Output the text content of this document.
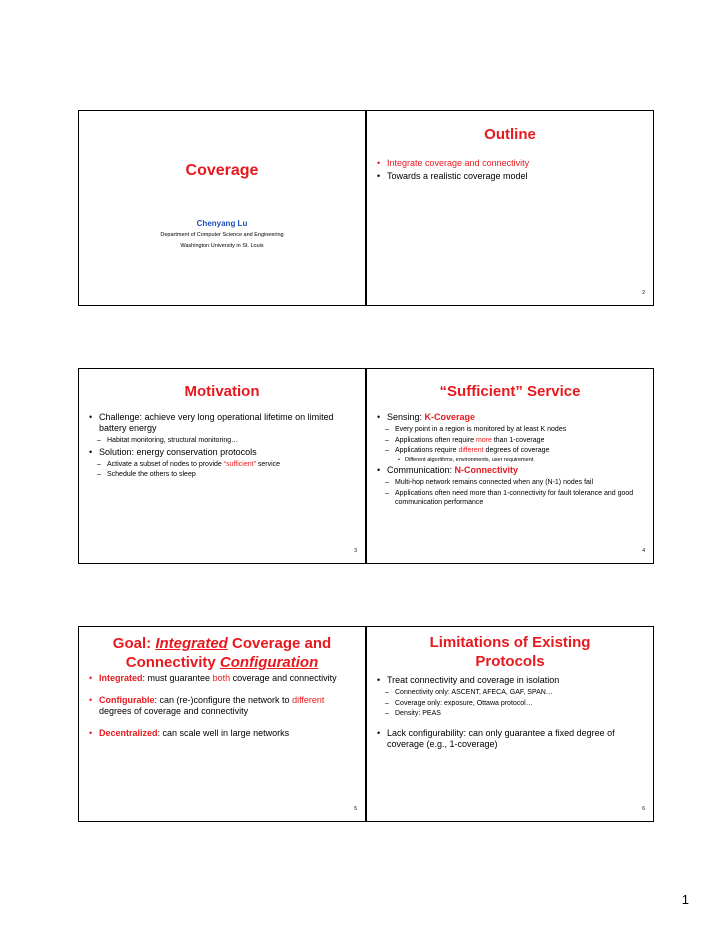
Coverage
Chenyang Lu
Department of Computer Science and Engineering
Washington University in St. Louis
Outline
• Integrate coverage and connectivity
• Towards a realistic coverage model
2
Motivation
• Challenge: achieve very long operational lifetime on limited battery energy
– Habitat monitoring, structural monitoring…
• Solution: energy conservation protocols
– Activate a subset of nodes to provide “sufficient” service
– Schedule the others to sleep
3
“Sufficient” Service
• Sensing: K-Coverage
– Every point in a region is monitored by at least K nodes
– Applications often require more than 1-coverage
– Applications require different degrees of coverage
• Different algorithms, environments, user requirement
• Communication: N-Connectivity
– Multi-hop network remains connected when any (N-1) nodes fail
– Applications often need more than 1-connectivity for fault tolerance and good communication performance
4
Goal: Integrated Coverage and
Connectivity Configuration
• Integrated: must guarantee both coverage and connectivity
• Configurable: can (re-)configure the network to different degrees of coverage and connectivity
• Decentralized: can scale well in large networks
5
Limitations of Existing
Protocols
• Treat connectivity and coverage in isolation
– Connectivity only: ASCENT, AFECA, GAF, SPAN…
– Coverage only: exposure, Ottawa protocol…
– Density: PEAS
• Lack configurability: can only guarantee a fixed degree of coverage (e.g., 1-coverage)
6
1
